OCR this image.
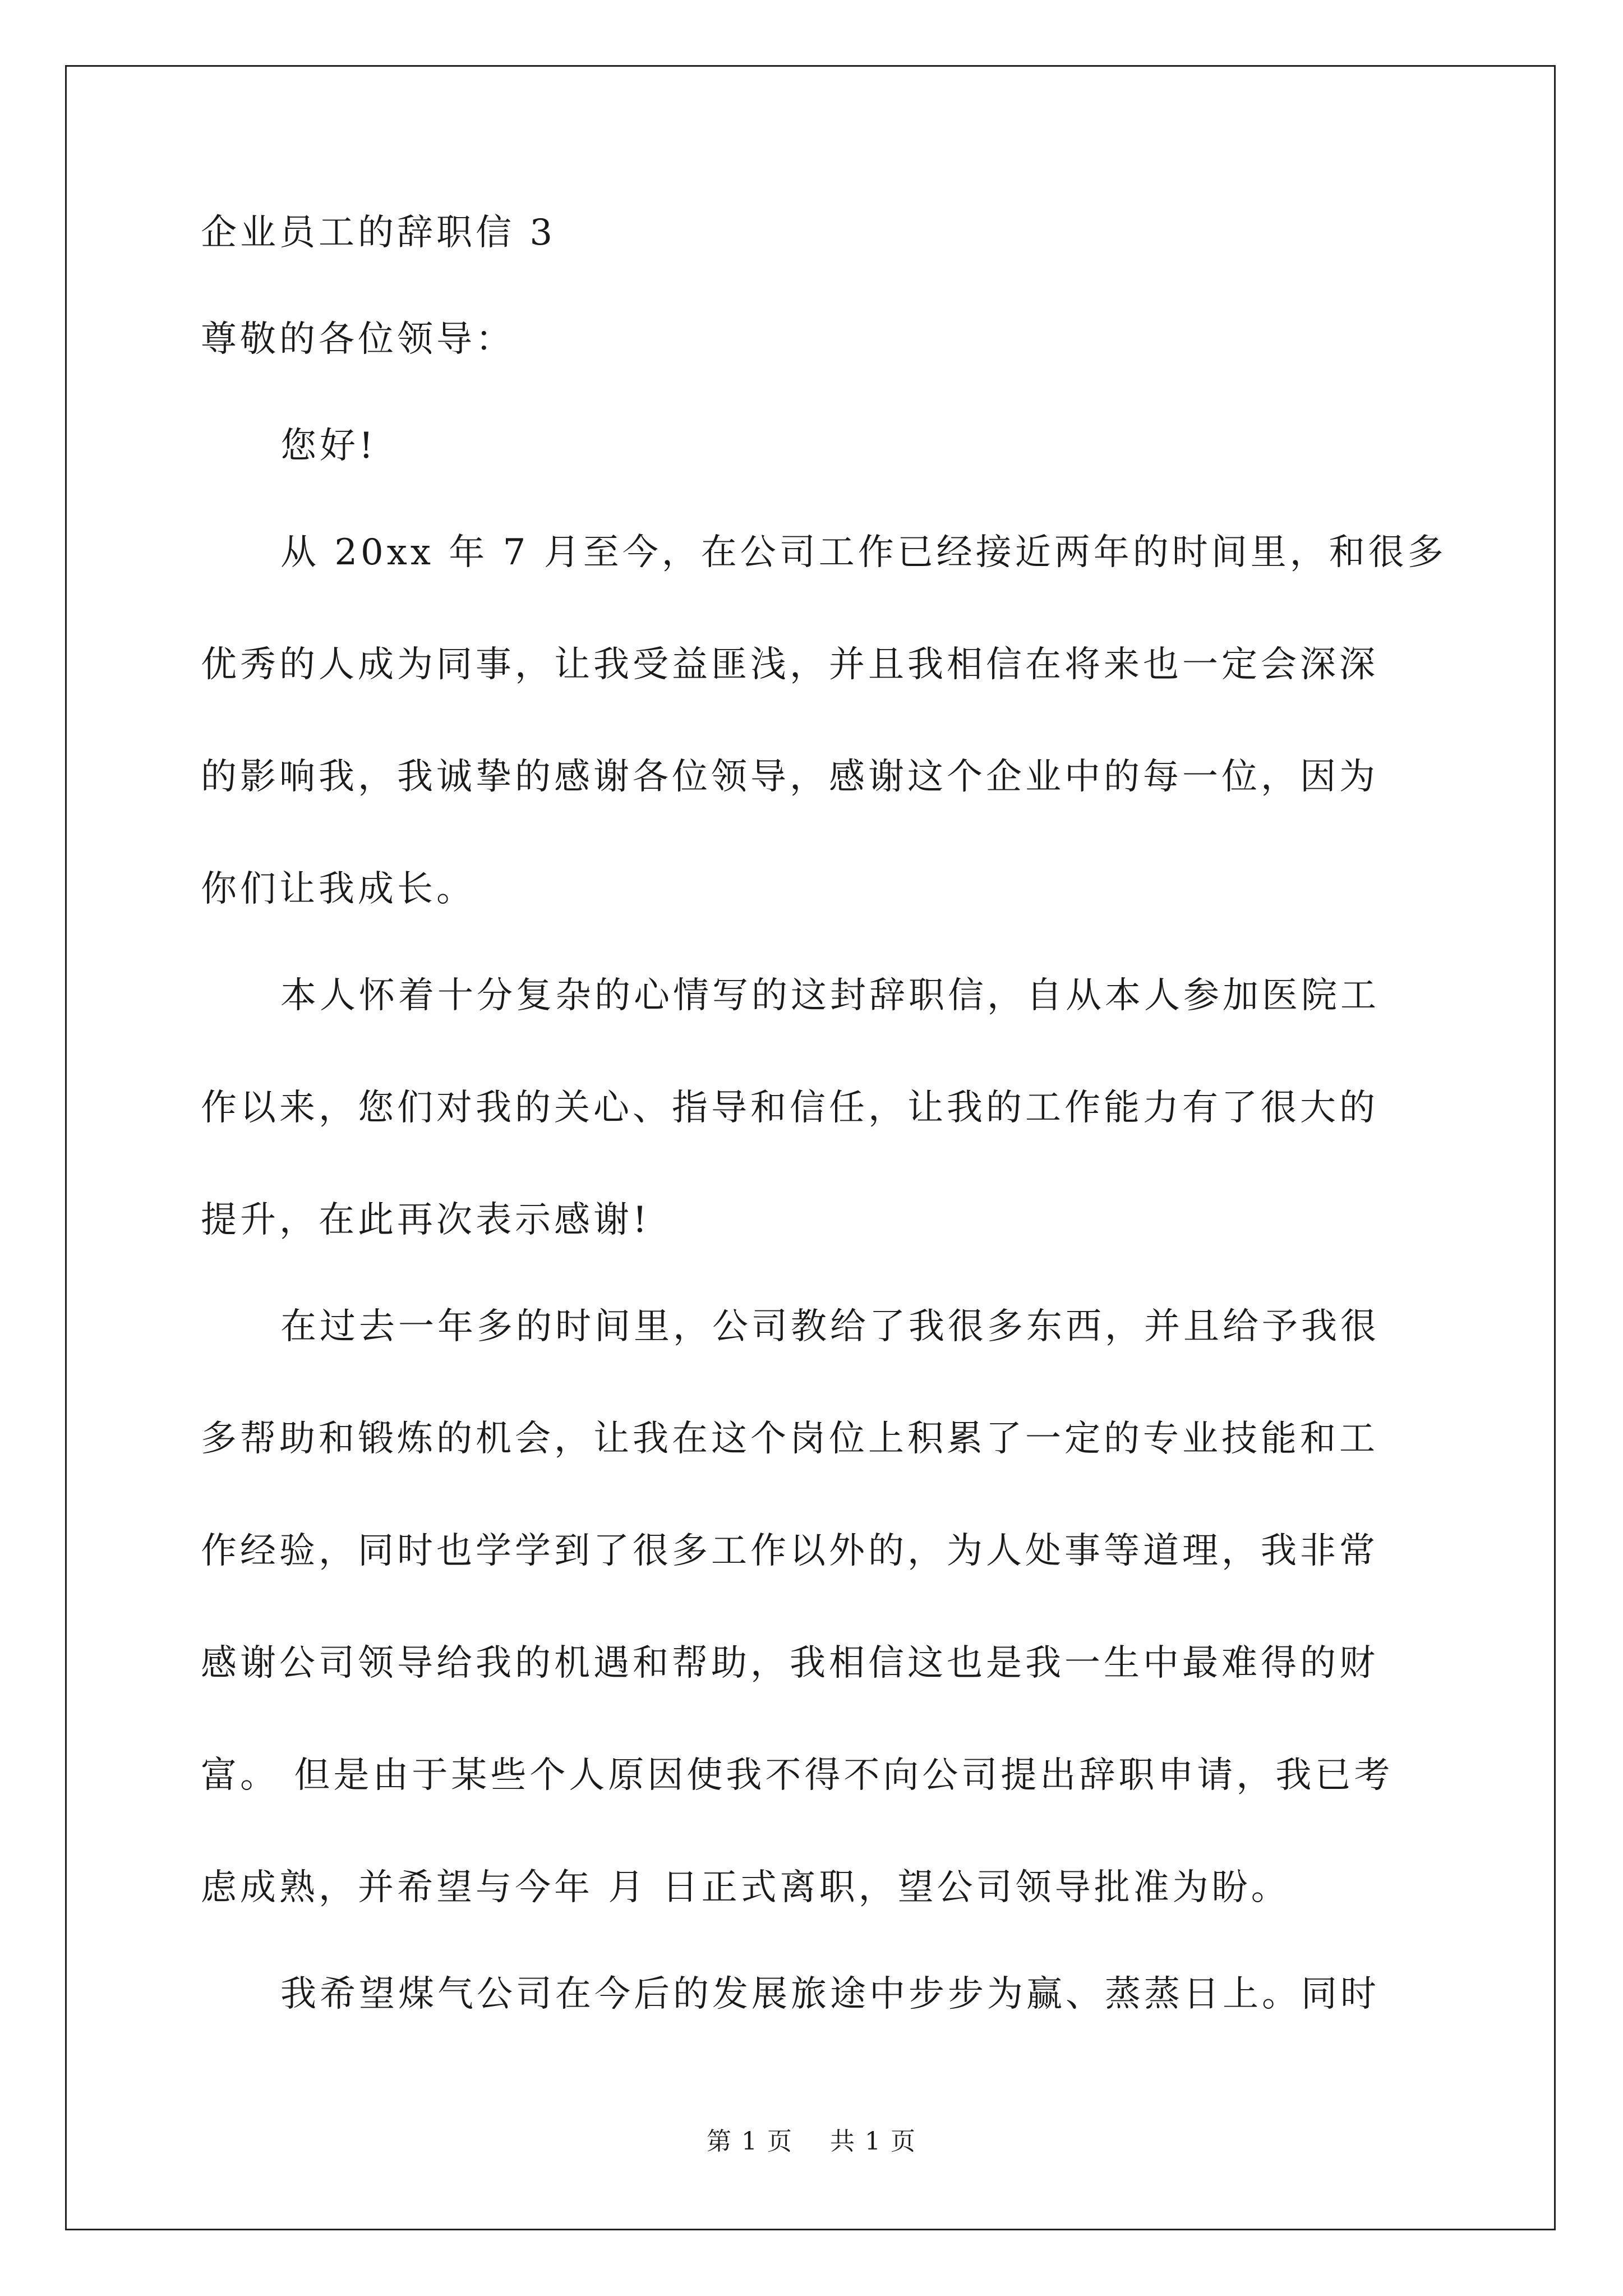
企业员工的辞职信 3

尊敬的各位领导：

您好!

从 20xx 年 7 月至今，在公司工作已经接近两年的时间里，和很多

优秀的人成为同事，让我受益匪浅，并且我相信在将来也一定会深深

的影响我，我诚挚的感谢各位领导，感谢这个企业中的每一位，因为

你们让我成长。

本人怀着十分复杂的心情写的这封辞职信，自从本人参加医院工

作以来，您们对我的关心、指导和信任，让我的工作能力有了很大的

提升，在此再次表示感谢!

在过去一年多的时间里，公司教给了我很多东西，并且给予我很

多帮助和锻炼的机会，让我在这个岗位上积累了一定的专业技能和工

作经验，同时也学学到了很多工作以外的，为人处事等道理，我非常

感谢公司领导给我的机遇和帮助，我相信这也是我一生中最难得的财

富。 但是由于某些个人原因使我不得不向公司提出辞职申请，我已考

虑成熟，并希望与今年 月 日正式离职，望公司领导批准为盼。

我希望煤气公司在今后的发展旅途中步步为赢、蒸蒸日上。同时

第 1 页 共 1 页
